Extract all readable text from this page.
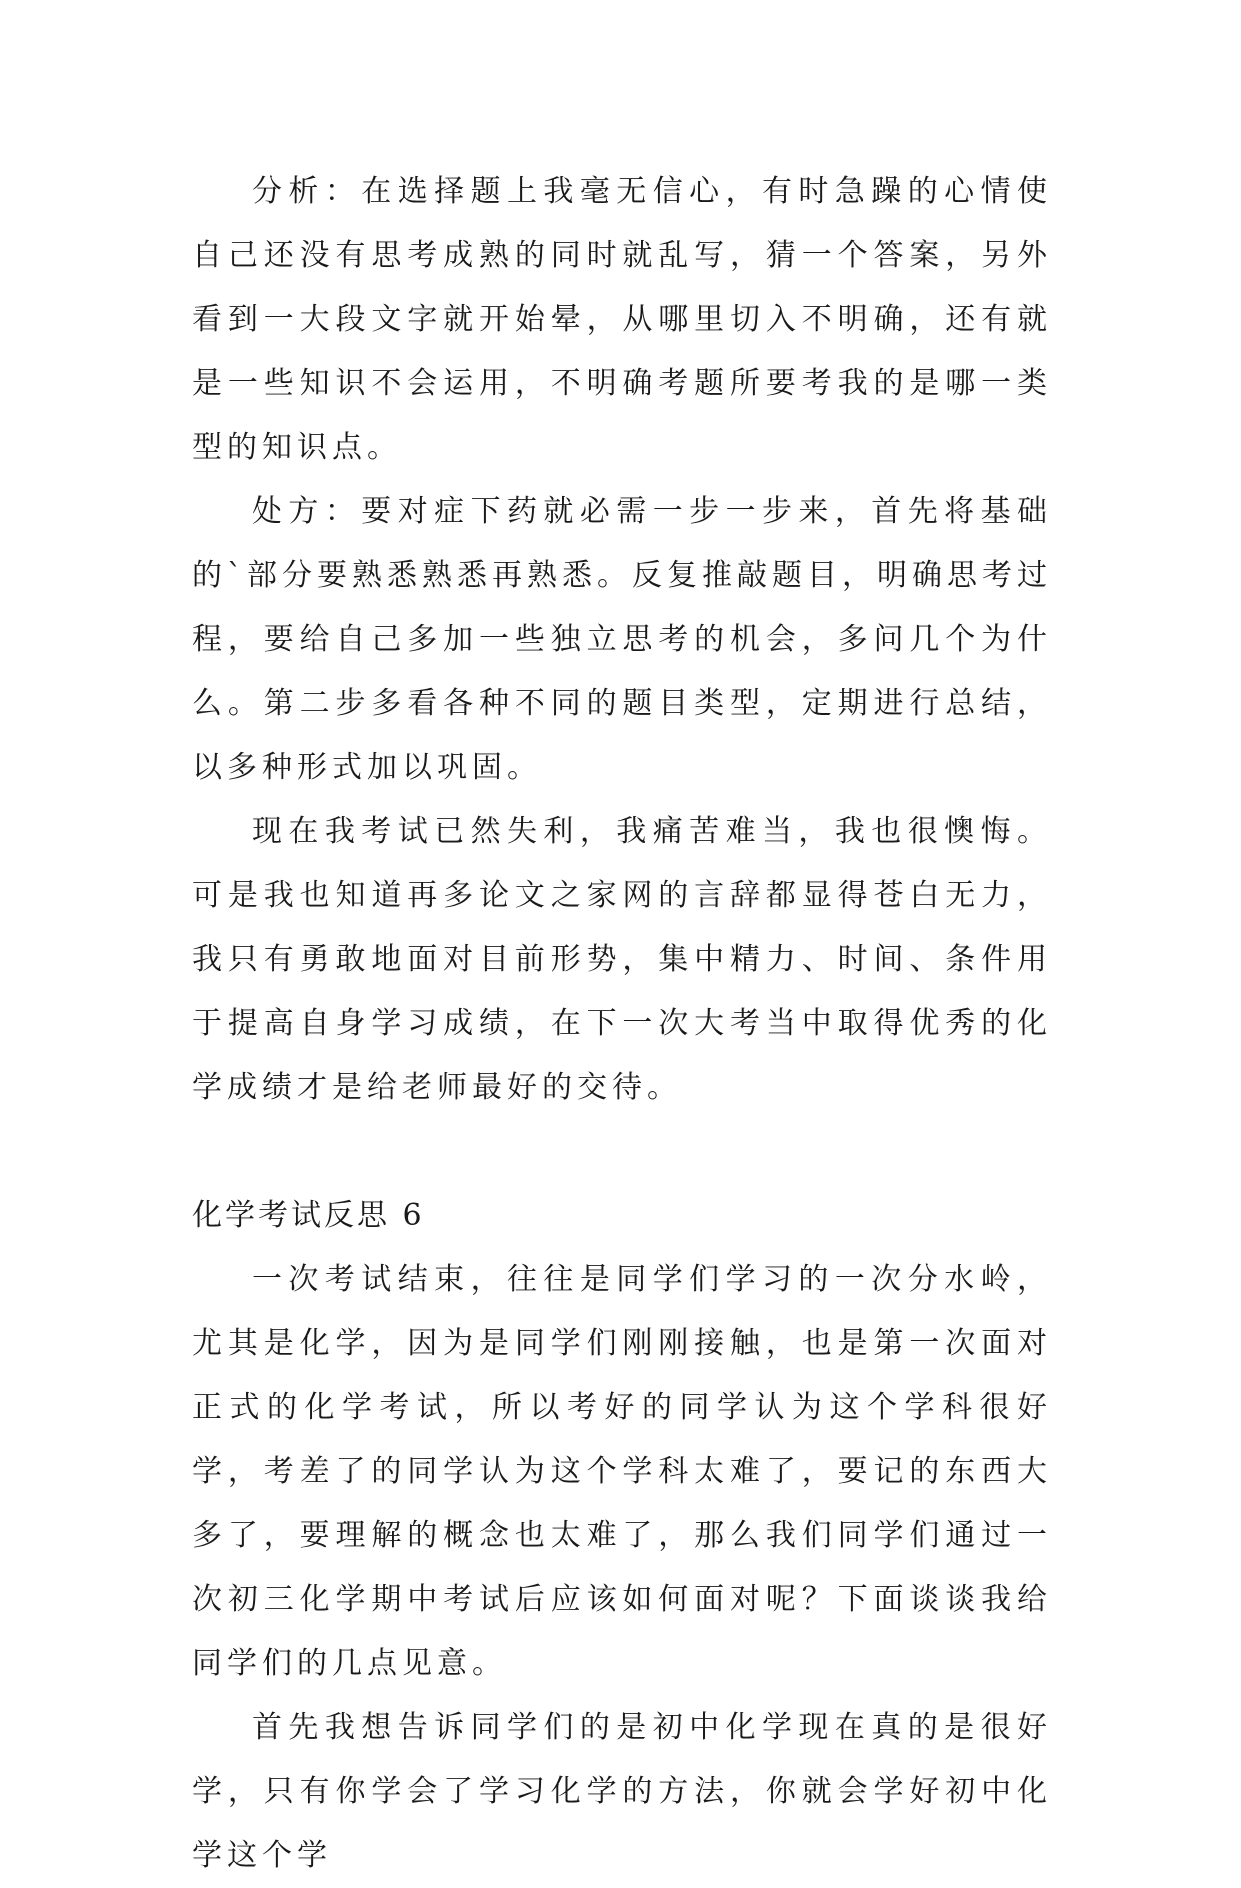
分析：在选择题上我毫无信心，有时急躁的心情使自己还没有思考成熟的同时就乱写，猜一个答案，另外看到一大段文字就开始晕，从哪里切入不明确，还有就是一些知识不会运用，不明确考题所要考我的是哪一类型的知识点。

处方：要对症下药就必需一步一步来，首先将基础的`部分要熟悉熟悉再熟悉。反复推敲题目，明确思考过程，要给自己多加一些独立思考的机会，多问几个为什么。第二步多看各种不同的题目类型，定期进行总结，以多种形式加以巩固。

现在我考试已然失利，我痛苦难当，我也很懊悔。可是我也知道再多论文之家网的言辞都显得苍白无力，我只有勇敢地面对目前形势，集中精力、时间、条件用于提高自身学习成绩，在下一次大考当中取得优秀的化学成绩才是给老师最好的交待。

化学考试反思 6

一次考试结束，往往是同学们学习的一次分水岭，尤其是化学，因为是同学们刚刚接触，也是第一次面对正式的化学考试，所以考好的同学认为这个学科很好学，考差了的同学认为这个学科太难了，要记的东西大多了，要理解的概念也太难了，那么我们同学们通过一次初三化学期中考试后应该如何面对呢？下面谈谈我给同学们的几点见意。

首先我想告诉同学们的是初中化学现在真的是很好学，只有你学会了学习化学的方法，你就会学好初中化学这个学
